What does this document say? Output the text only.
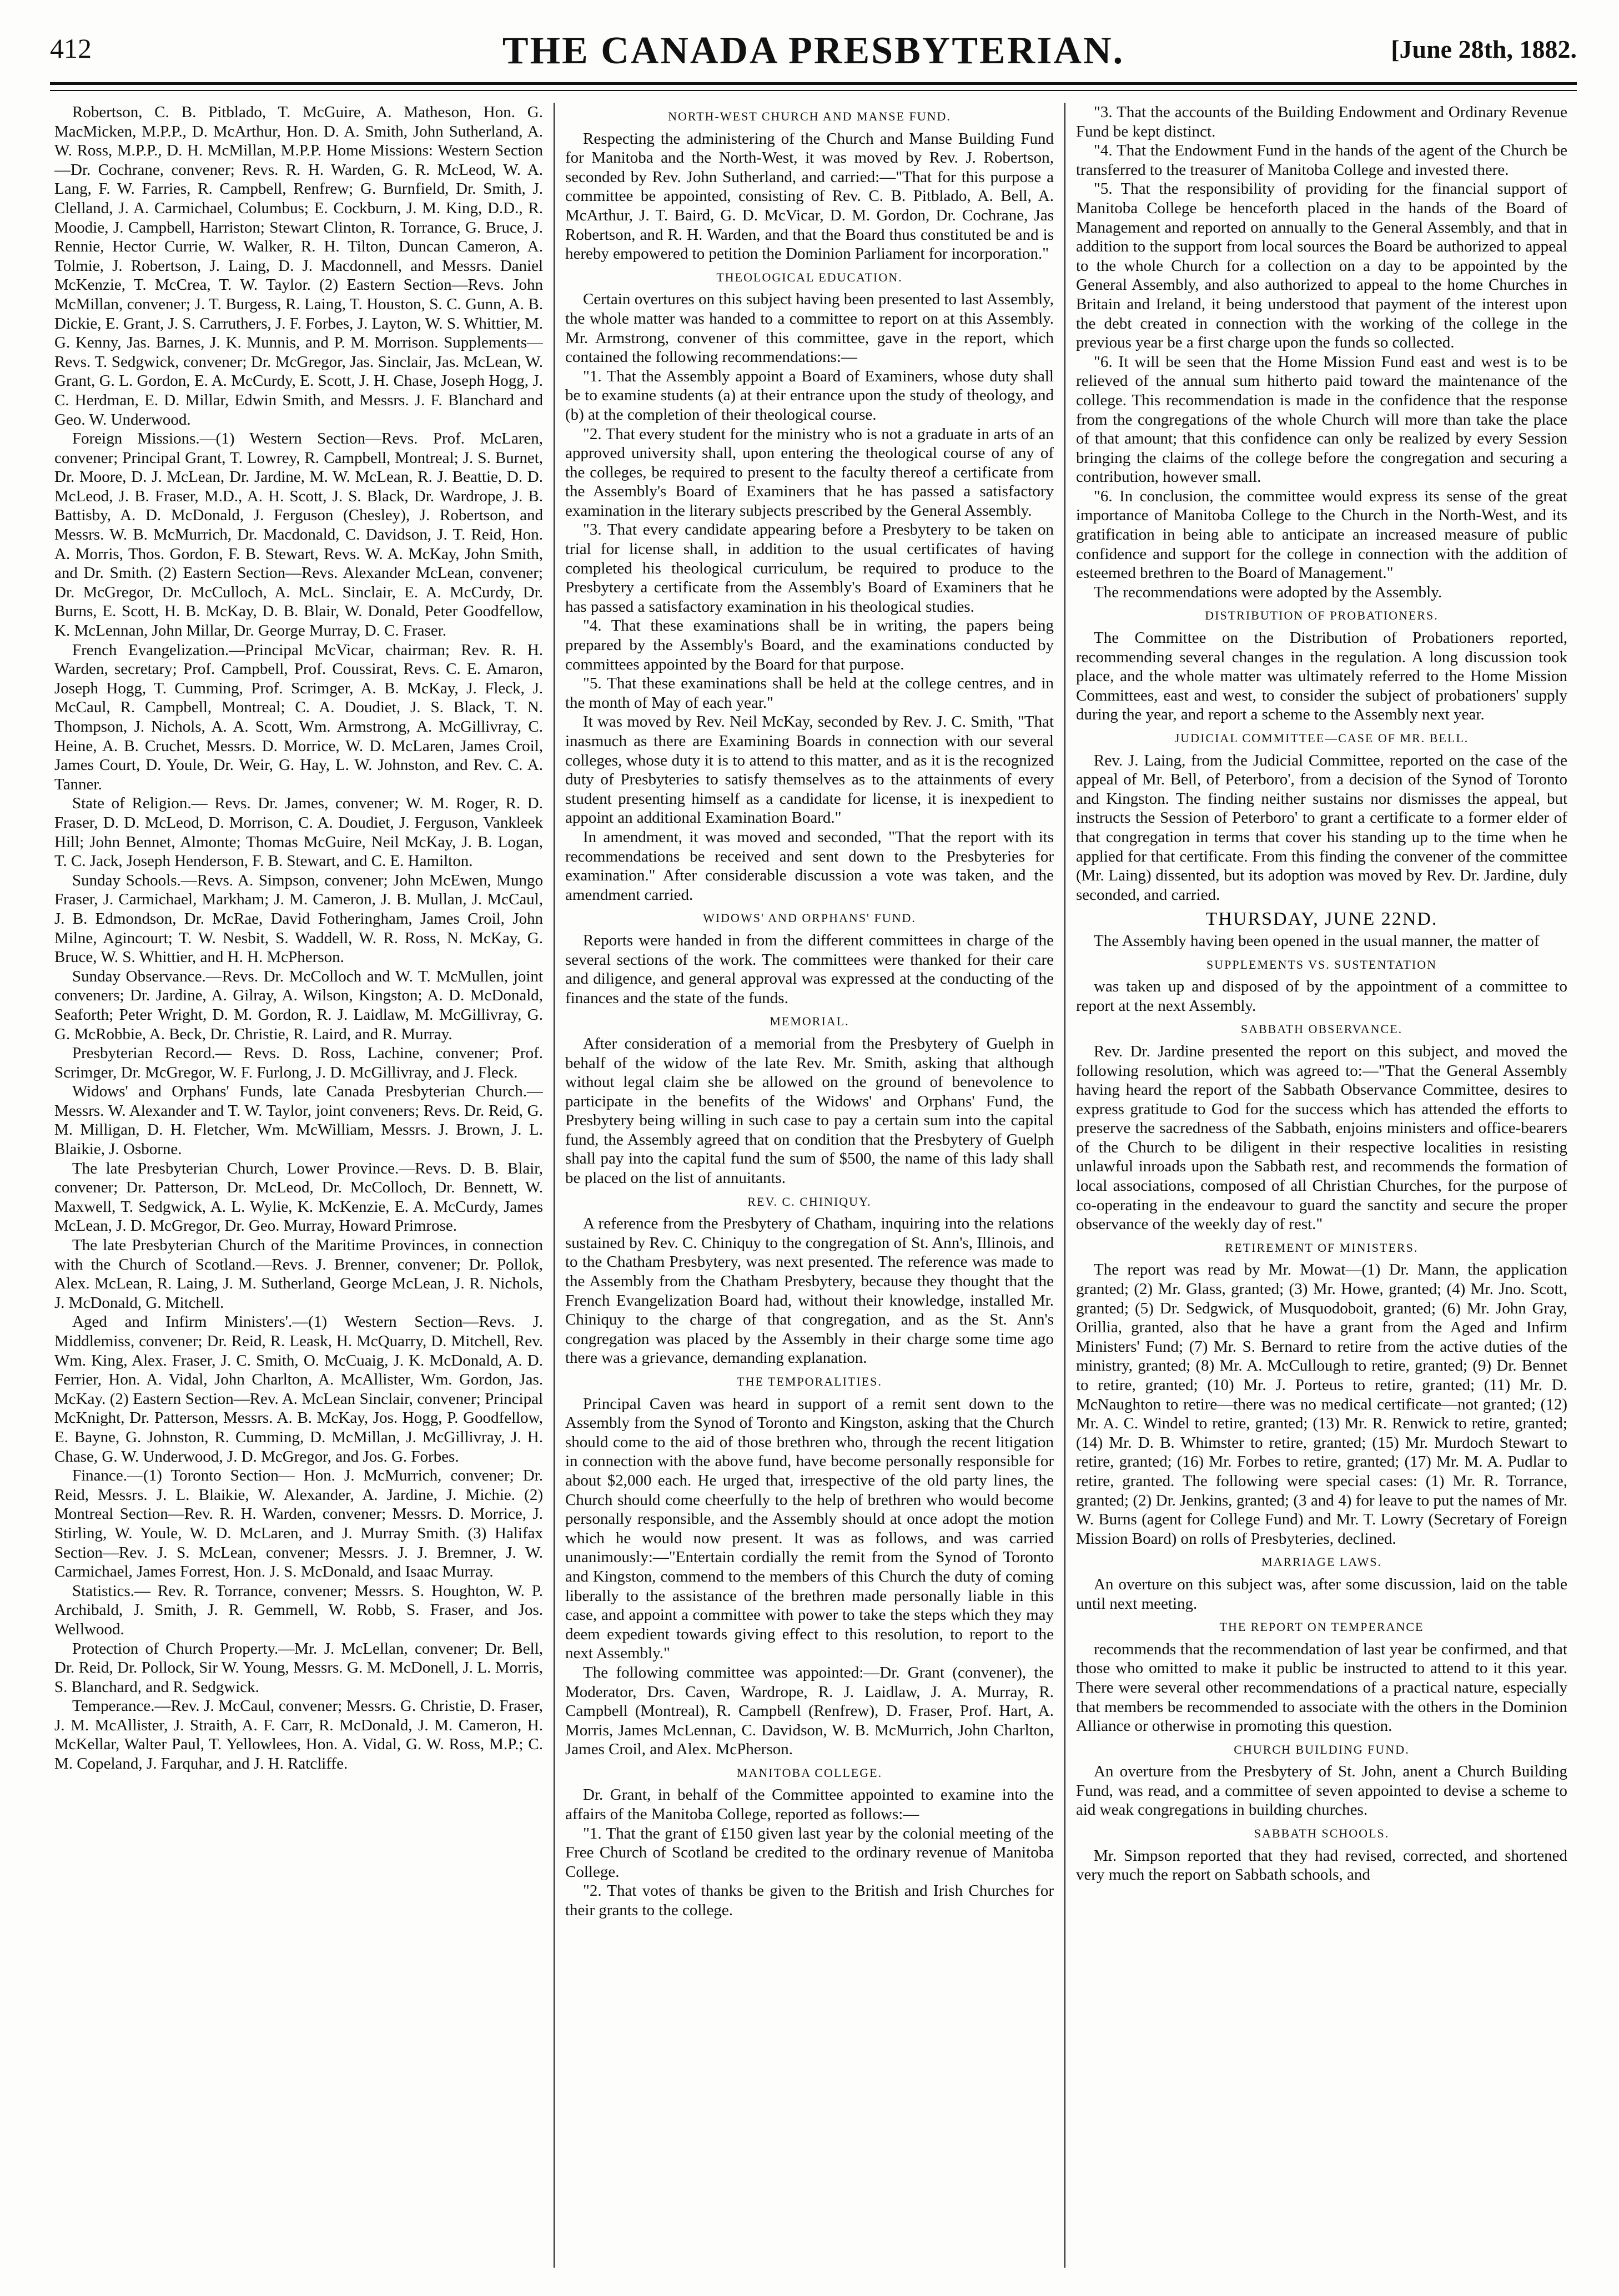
412	THE CANADA PRESBYTERIAN.	[June 28th, 1882.

Robertson, C. B. Pitblado, T. McGuire, A. Matheson, Hon. G. MacMicken, M.P.P., D. McArthur, Hon. D. A. Smith, John Sutherland, A. W. Ross, M.P.P., D. H. McMillan, M.P.P. Home Missions: Western Section—Dr. Cochrane, convener; Revs. R. H. Warden, G. R. McLeod, W. A. Lang, F. W. Farries, R. Campbell, Renfrew; G. Burnfield, Dr. Smith, J. Clelland, J. A. Carmichael, Columbus; E. Cockburn, J. M. King, D.D., R. Moodie, J. Campbell, Harriston; Stewart Clinton, R. Torrance, G. Bruce, J. Rennie, Hector Currie, W. Walker, R. H. Tilton, Duncan Cameron, A. Tolmie, J. Robertson, J. Laing, D. J. Macdonnell, and Messrs. Daniel McKenzie, T. McCrea, T. W. Taylor. (2) Eastern Section—Revs. John McMillan, convener; J. T. Burgess, R. Laing, T. Houston, S. C. Gunn, A. B. Dickie, E. Grant, J. S. Carruthers, J. F. Forbes, J. Layton, W. S. Whittier, M. G. Kenny, Jas. Barnes, J. K. Munnis, and P. M. Morrison. Supplements—Revs. T. Sedgwick, convener; Dr. McGregor, Jas. Sinclair, Jas. McLean, W. Grant, G. L. Gordon, E. A. McCurdy, E. Scott, J. H. Chase, Joseph Hogg, J. C. Herdman, E. D. Millar, Edwin Smith, and Messrs. J. F. Blanchard and Geo. W. Underwood.

Foreign Missions.—(1) Western Section—Revs. Prof. McLaren, convener; Principal Grant, T. Lowrey, R. Campbell, Montreal; J. S. Burnet, Dr. Moore, D. J. McLean, Dr. Jardine, M. W. McLean, R. J. Beattie, D. D. McLeod, J. B. Fraser, M.D., A. H. Scott, J. S. Black, Dr. Wardrope, J. B. Battisby, A. D. McDonald, J. Ferguson (Chesley), J. Robertson, and Messrs. W. B. McMurrich, Dr. Macdonald, C. Davidson, J. T. Reid, Hon. A. Morris, Thos. Gordon, F. B. Stewart, Revs. W. A. McKay, John Smith, and Dr. Smith. (2) Eastern Section—Revs. Alexander McLean, convener; Dr. McGregor, Dr. McCulloch, A. McL. Sinclair, E. A. McCurdy, Dr. Burns, E. Scott, H. B. McKay, D. B. Blair, W. Donald, Peter Goodfellow, K. McLennan, John Millar, Dr. George Murray, D. C. Fraser.

French Evangelization.—Principal McVicar, chairman; Rev. R. H. Warden, secretary; Prof. Campbell, Prof. Coussirat, Revs. C. E. Amaron, Joseph Hogg, T. Cumming, Prof. Scrimger, A. B. McKay, J. Fleck, J. McCaul, R. Campbell, Montreal; C. A. Doudiet, J. S. Black, T. N. Thompson, J. Nichols, A. A. Scott, Wm. Armstrong, A. McGillivray, C. Heine, A. B. Cruchet, Messrs. D. Morrice, W. D. McLaren, James Croil, James Court, D. Youle, Dr. Weir, G. Hay, L. W. Johnston, and Rev. C. A. Tanner.

State of Religion.— Revs. Dr. James, convener; W. M. Roger, R. D. Fraser, D. D. McLeod, D. Morrison, C. A. Doudiet, J. Ferguson, Vankleek Hill; John Bennet, Almonte; Thomas McGuire, Neil McKay, J. B. Logan, T. C. Jack, Joseph Henderson, F. B. Stewart, and C. E. Hamilton.

Sunday Schools.—Revs. A. Simpson, convener; John McEwen, Mungo Fraser, J. Carmichael, Markham; J. M. Cameron, J. B. Mullan, J. McCaul, J. B. Edmondson, Dr. McRae, David Fotheringham, James Croil, John Milne, Agincourt; T. W. Nesbit, S. Waddell, W. R. Ross, N. McKay, G. Bruce, W. S. Whittier, and H. H. McPherson.

Sunday Observance.—Revs. Dr. McColloch and W. T. McMullen, joint conveners; Dr. Jardine, A. Gilray, A. Wilson, Kingston; A. D. McDonald, Seaforth; Peter Wright, D. M. Gordon, R. J. Laidlaw, M. McGillivray, G. G. McRobbie, A. Beck, Dr. Christie, R. Laird, and R. Murray.

Presbyterian Record.— Revs. D. Ross, Lachine, convener; Prof. Scrimger, Dr. McGregor, W. F. Furlong, J. D. McGillivray, and J. Fleck.

Widows' and Orphans' Funds, late Canada Presbyterian Church.—Messrs. W. Alexander and T. W. Taylor, joint conveners; Revs. Dr. Reid, G. M. Milligan, D. H. Fletcher, Wm. McWilliam, Messrs. J. Brown, J. L. Blaikie, J. Osborne.

The late Presbyterian Church, Lower Province.—Revs. D. B. Blair, convener; Dr. Patterson, Dr. McLeod, Dr. McColloch, Dr. Bennett, W. Maxwell, T. Sedgwick, A. L. Wylie, K. McKenzie, E. A. McCurdy, James McLean, J. D. McGregor, Dr. Geo. Murray, Howard Primrose.

The late Presbyterian Church of the Maritime Provinces, in connection with the Church of Scotland.—Revs. J. Brenner, convener; Dr. Pollok, Alex. McLean, R. Laing, J. M. Sutherland, George McLean, J. R. Nichols, J. McDonald, G. Mitchell.

Aged and Infirm Ministers'.—(1) Western Section—Revs. J. Middlemiss, convener; Dr. Reid, R. Leask, H. McQuarry, D. Mitchell, Rev. Wm. King, Alex. Fraser, J. C. Smith, O. McCuaig, J. K. McDonald, A. D. Ferrier, Hon. A. Vidal, John Charlton, A. McAllister, Wm. Gordon, Jas. McKay. (2) Eastern Section—Rev. A. McLean Sinclair, convener; Principal McKnight, Dr. Patterson, Messrs. A. B. McKay, Jos. Hogg, P. Goodfellow, E. Bayne, G. Johnston, R. Cumming, D. McMillan, J. McGillivray, J. H. Chase, G. W. Underwood, J. D. McGregor, and Jos. G. Forbes.

Finance.—(1) Toronto Section— Hon. J. McMurrich, convener; Dr. Reid, Messrs. J. L. Blaikie, W. Alexander, A. Jardine, J. Michie. (2) Montreal Section—Rev. R. H. Warden, convener; Messrs. D. Morrice, J. Stirling, W. Youle, W. D. McLaren, and J. Murray Smith. (3) Halifax Section—Rev. J. S. McLean, convener; Messrs. J. J. Bremner, J. W. Carmichael, James Forrest, Hon. J. S. McDonald, and Isaac Murray.

Statistics.— Rev. R. Torrance, convener; Messrs. S. Houghton, W. P. Archibald, J. Smith, J. R. Gemmell, W. Robb, S. Fraser, and Jos. Wellwood.

Protection of Church Property.—Mr. J. McLellan, convener; Dr. Bell, Dr. Reid, Dr. Pollock, Sir W. Young, Messrs. G. M. McDonell, J. L. Morris, S. Blanchard, and R. Sedgwick.

Temperance.—Rev. J. McCaul, convener; Messrs. G. Christie, D. Fraser, J. M. McAllister, J. Straith, A. F. Carr, R. McDonald, J. M. Cameron, H. McKellar, Walter Paul, T. Yellowlees, Hon. A. Vidal, G. W. Ross, M.P.; C. M. Copeland, J. Farquhar, and J. H. Ratcliffe.

NORTH-WEST CHURCH AND MANSE FUND.

Respecting the administering of the Church and Manse Building Fund for Manitoba and the North-West, it was moved by Rev. J. Robertson, seconded by Rev. John Sutherland, and carried:—"That for this purpose a committee be appointed, consisting of Rev. C. B. Pitblado, A. Bell, A. McArthur, J. T. Baird, G. D. McVicar, D. M. Gordon, Dr. Cochrane, Jas Robertson, and R. H. Warden, and that the Board thus constituted be and is hereby empowered to petition the Dominion Parliament for incorporation."

THEOLOGICAL EDUCATION.

Certain overtures on this subject having been presented to last Assembly, the whole matter was handed to a committee to report on at this Assembly. Mr. Armstrong, convener of this committee, gave in the report, which contained the following recommendations:—

"1. That the Assembly appoint a Board of Examiners, whose duty shall be to examine students (a) at their entrance upon the study of theology, and (b) at the completion of their theological course.

"2. That every student for the ministry who is not a graduate in arts of an approved university shall, upon entering the theological course of any of the colleges, be required to present to the faculty thereof a certificate from the Assembly's Board of Examiners that he has passed a satisfactory examination in the literary subjects prescribed by the General Assembly.

"3. That every candidate appearing before a Presbytery to be taken on trial for license shall, in addition to the usual certificates of having completed his theological curriculum, be required to produce to the Presbytery a certificate from the Assembly's Board of Examiners that he has passed a satisfactory examination in his theological studies.

"4. That these examinations shall be in writing, the papers being prepared by the Assembly's Board, and the examinations conducted by committees appointed by the Board for that purpose.

"5. That these examinations shall be held at the college centres, and in the month of May of each year."

It was moved by Rev. Neil McKay, seconded by Rev. J. C. Smith, "That inasmuch as there are Examining Boards in connection with our several colleges, whose duty it is to attend to this matter, and as it is the recognized duty of Presbyteries to satisfy themselves as to the attainments of every student presenting himself as a candidate for license, it is inexpedient to appoint an additional Examination Board."

In amendment, it was moved and seconded, "That the report with its recommendations be received and sent down to the Presbyteries for examination." After considerable discussion a vote was taken, and the amendment carried.

WIDOWS' AND ORPHANS' FUND.

Reports were handed in from the different committees in charge of the several sections of the work. The committees were thanked for their care and diligence, and general approval was expressed at the conducting of the finances and the state of the funds.

MEMORIAL.

After consideration of a memorial from the Presbytery of Guelph in behalf of the widow of the late Rev. Mr. Smith, asking that although without legal claim she be allowed on the ground of benevolence to participate in the benefits of the Widows' and Orphans' Fund, the Presbytery being willing in such case to pay a certain sum into the capital fund, the Assembly agreed that on condition that the Presbytery of Guelph shall pay into the capital fund the sum of $500, the name of this lady shall be placed on the list of annuitants.

REV. C. CHINIQUY.

A reference from the Presbytery of Chatham, inquiring into the relations sustained by Rev. C. Chiniquy to the congregation of St. Ann's, Illinois, and to the Chatham Presbytery, was next presented. The reference was made to the Assembly from the Chatham Presbytery, because they thought that the French Evangelization Board had, without their knowledge, installed Mr. Chiniquy to the charge of that congregation, and as the St. Ann's congregation was placed by the Assembly in their charge some time ago there was a grievance, demanding explanation.

THE TEMPORALITIES.

Principal Caven was heard in support of a remit sent down to the Assembly from the Synod of Toronto and Kingston, asking that the Church should come to the aid of those brethren who, through the recent litigation in connection with the above fund, have become personally responsible for about $2,000 each. He urged that, irrespective of the old party lines, the Church should come cheerfully to the help of brethren who would become personally responsible, and the Assembly should at once adopt the motion which he would now present. It was as follows, and was carried unanimously:—"Entertain cordially the remit from the Synod of Toronto and Kingston, commend to the members of this Church the duty of coming liberally to the assistance of the brethren made personally liable in this case, and appoint a committee with power to take the steps which they may deem expedient towards giving effect to this resolution, to report to the next Assembly."

The following committee was appointed:—Dr. Grant (convener), the Moderator, Drs. Caven, Wardrope, R. J. Laidlaw, J. A. Murray, R. Campbell (Montreal), R. Campbell (Renfrew), D. Fraser, Prof. Hart, A. Morris, James McLennan, C. Davidson, W. B. McMurrich, John Charlton, James Croil, and Alex. McPherson.

MANITOBA COLLEGE.

Dr. Grant, in behalf of the Committee appointed to examine into the affairs of the Manitoba College, reported as follows:—

"1. That the grant of £150 given last year by the colonial meeting of the Free Church of Scotland be credited to the ordinary revenue of Manitoba College.

"2. That votes of thanks be given to the British and Irish Churches for their grants to the college.

"3. That the accounts of the Building Endowment and Ordinary Revenue Fund be kept distinct.

"4. That the Endowment Fund in the hands of the agent of the Church be transferred to the treasurer of Manitoba College and invested there.

"5. That the responsibility of providing for the financial support of Manitoba College be henceforth placed in the hands of the Board of Management and reported on annually to the General Assembly, and that in addition to the support from local sources the Board be authorized to appeal to the whole Church for a collection on a day to be appointed by the General Assembly, and also authorized to appeal to the home Churches in Britain and Ireland, it being understood that payment of the interest upon the debt created in connection with the working of the college in the previous year be a first charge upon the funds so collected.

"6. It will be seen that the Home Mission Fund east and west is to be relieved of the annual sum hitherto paid toward the maintenance of the college. This recommendation is made in the confidence that the response from the congregations of the whole Church will more than take the place of that amount; that this confidence can only be realized by every Session bringing the claims of the college before the congregation and securing a contribution, however small.

"6. In conclusion, the committee would express its sense of the great importance of Manitoba College to the Church in the North-West, and its gratification in being able to anticipate an increased measure of public confidence and support for the college in connection with the addition of esteemed brethren to the Board of Management."

The recommendations were adopted by the Assembly.

DISTRIBUTION OF PROBATIONERS.

The Committee on the Distribution of Probationers reported, recommending several changes in the regulation. A long discussion took place, and the whole matter was ultimately referred to the Home Mission Committees, east and west, to consider the subject of probationers' supply during the year, and report a scheme to the Assembly next year.

JUDICIAL COMMITTEE—CASE OF MR. BELL.

Rev. J. Laing, from the Judicial Committee, reported on the case of the appeal of Mr. Bell, of Peterboro', from a decision of the Synod of Toronto and Kingston. The finding neither sustains nor dismisses the appeal, but instructs the Session of Peterboro' to grant a certificate to a former elder of that congregation in terms that cover his standing up to the time when he applied for that certificate. From this finding the convener of the committee (Mr. Laing) dissented, but its adoption was moved by Rev. Dr. Jardine, duly seconded, and carried.

THURSDAY, JUNE 22ND.

The Assembly having been opened in the usual manner, the matter of

SUPPLEMENTS VS. SUSTENTATION

was taken up and disposed of by the appointment of a committee to report at the next Assembly.

SABBATH OBSERVANCE.

Rev. Dr. Jardine presented the report on this subject, and moved the following resolution, which was agreed to:—"That the General Assembly having heard the report of the Sabbath Observance Committee, desires to express gratitude to God for the success which has attended the efforts to preserve the sacredness of the Sabbath, enjoins ministers and office-bearers of the Church to be diligent in their respective localities in resisting unlawful inroads upon the Sabbath rest, and recommends the formation of local associations, composed of all Christian Churches, for the purpose of co-operating in the endeavour to guard the sanctity and secure the proper observance of the weekly day of rest."

RETIREMENT OF MINISTERS.

The report was read by Mr. Mowat—(1) Dr. Mann, the application granted; (2) Mr. Glass, granted; (3) Mr. Howe, granted; (4) Mr. Jno. Scott, granted; (5) Dr. Sedgwick, of Musquodoboit, granted; (6) Mr. John Gray, Orillia, granted, also that he have a grant from the Aged and Infirm Ministers' Fund; (7) Mr. S. Bernard to retire from the active duties of the ministry, granted; (8) Mr. A. McCullough to retire, granted; (9) Dr. Bennet to retire, granted; (10) Mr. J. Porteus to retire, granted; (11) Mr. D. McNaughton to retire—there was no medical certificate—not granted; (12) Mr. A. C. Windel to retire, granted; (13) Mr. R. Renwick to retire, granted; (14) Mr. D. B. Whimster to retire, granted; (15) Mr. Murdoch Stewart to retire, granted; (16) Mr. Forbes to retire, granted; (17) Mr. M. A. Pudlar to retire, granted. The following were special cases: (1) Mr. R. Torrance, granted; (2) Dr. Jenkins, granted; (3 and 4) for leave to put the names of Mr. W. Burns (agent for College Fund) and Mr. T. Lowry (Secretary of Foreign Mission Board) on rolls of Presbyteries, declined.

MARRIAGE LAWS.

An overture on this subject was, after some discussion, laid on the table until next meeting.

THE REPORT ON TEMPERANCE

recommends that the recommendation of last year be confirmed, and that those who omitted to make it public be instructed to attend to it this year. There were several other recommendations of a practical nature, especially that members be recommended to associate with the others in the Dominion Alliance or otherwise in promoting this question.

CHURCH BUILDING FUND.

An overture from the Presbytery of St. John, anent a Church Building Fund, was read, and a committee of seven appointed to devise a scheme to aid weak congregations in building churches.

SABBATH SCHOOLS.

Mr. Simpson reported that they had revised, corrected, and shortened very much the report on Sabbath schools, and
